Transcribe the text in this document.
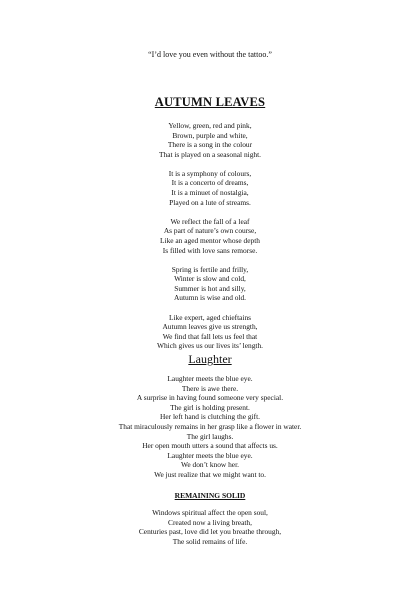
“I’d love you even without the tattoo.”
AUTUMN LEAVES
Yellow, green, red and pink,
Brown, purple and white,
There is a song in the colour
That is played on a seasonal night.
It is a symphony of colours,
It is a concerto of dreams,
It is a minuet of nostalgia,
Played on a lute of streams.
We reflect the fall of a leaf
As part of nature’s own course,
Like an aged mentor whose depth
Is filled with love sans remorse.
Spring is fertile and frilly,
Winter is slow and cold,
Summer is hot and silly,
Autumn is wise and old.
Like expert, aged chieftains
Autumn leaves give us strength,
We find that fall lets us feel that
Which gives us our lives its’ length.
Laughter
Laughter meets the blue eye.
There is awe there.
A surprise in having found someone very special.
The girl is holding present.
Her left hand is clutching the gift.
That miraculously remains in her grasp like a flower in water.
The girl laughs.
Her open mouth utters a sound that affects us.
Laughter meets the blue eye.
We don’t know her.
We just realize that we might want to.
REMAINING SOLID
Windows spiritual affect the open soul,
Created now a living breath,
Centuries past, love did let you breathe through,
The solid remains of life.
